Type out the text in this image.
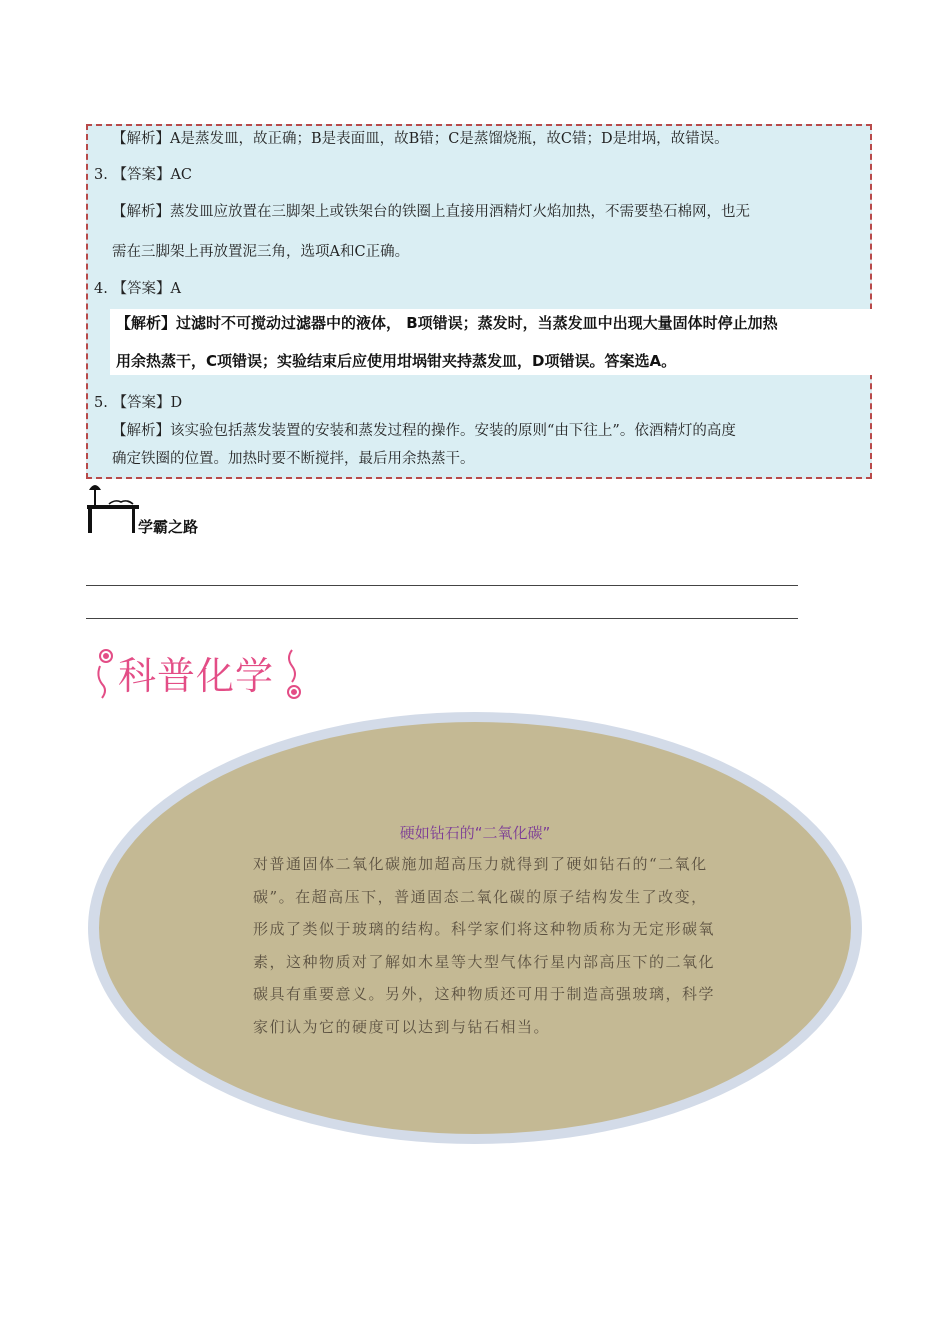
【解析】A是蒸发皿，故正确；B是表面皿，故B错；C是蒸馏烧瓶，故C错；D是坩埚，故错误。
3. 【答案】AC
【解析】蒸发皿应放置在三脚架上或铁架台的铁圈上直接用酒精灯火焰加热，不需要垫石棉网，也无
需在三脚架上再放置泥三角，选项A和C正确。
4. 【答案】A
【解析】过滤时不可搅动过滤器中的液体， B项错误；蒸发时，当蒸发皿中出现大量固体时停止加热
用余热蒸干，C项错误；实验结束后应使用坩埚钳夹持蒸发皿，D项错误。答案选A。
5. 【答案】D
【解析】该实验包括蒸发装置的安装和蒸发过程的操作。安装的原则“由下往上”。依酒精灯的高度
确定铁圈的位置。加热时要不断搅拌，最后用余热蒸干。
学霸之路
科普化学
硬如钻石的“二氧化碳”
对普通固体二氧化碳施加超高压力就得到了硬如钻石的“二氧化
碳”。在超高压下，普通固态二氧化碳的原子结构发生了改变，
形成了类似于玻璃的结构。科学家们将这种物质称为无定形碳氧
素，这种物质对了解如木星等大型气体行星内部高压下的二氧化
碳具有重要意义。另外，这种物质还可用于制造高强玻璃，科学
家们认为它的硬度可以达到与钻石相当。
